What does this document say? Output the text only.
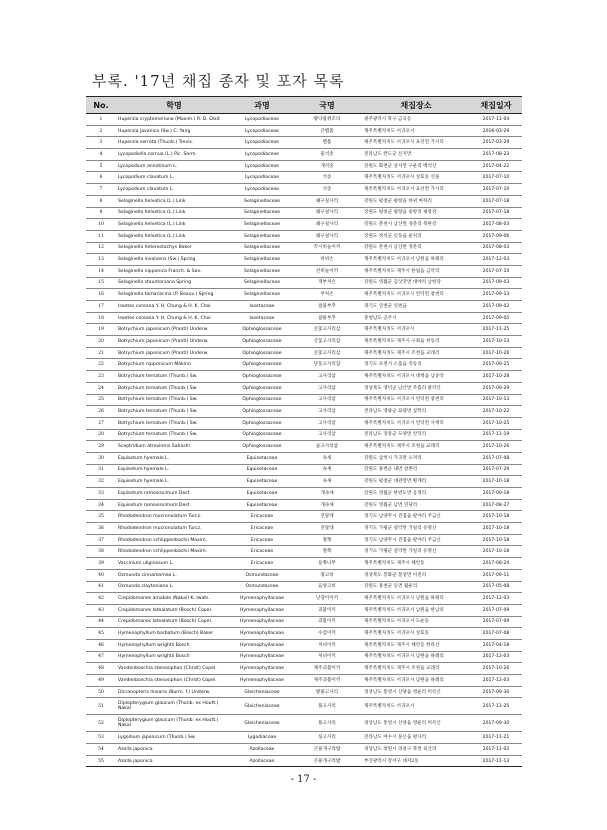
부록. '17년 채집 종자 및 포자 목록
No.	학명	과명	국명	채집장소	채집일자
1	Huperzia cryptomeriana (Maxim.) R. D. Dixit	Lycopodiaceae	왕다람쥐꼬리	광주광역시 북구 금곡동	2017-11-04
2	Huperzia javanica (Sw.) C. Yang	Lycopodiaceae	큰뱀톱	제주특별자치도 서귀포시	2016-03-29
3	Huperzia serrata (Thunb.) Trevis.	Lycopodiaceae	뱀톱	제주특별자치도 서귀포시 표선면 가시리	2017-03-29
4	Lycopodiella cernua (L.) Pic. Serm.	Lycopodiaceae	물석송	전라남도 완도군 신지면	2017-08-23
5	Lycopodium annotinum L.	Lycopodiaceae	개석송	강원도 화천군 상서면 구운리 백석산	2017-04-22
6	Lycopodium clavatum L.	Lycopodiaceae	석송	제주특별자치도 서귀포시 상효동 선돌	2017-07-10
7	Lycopodium clavatum L.	Lycopodiaceae	석송	제주특별자치도 서귀포시 표선면 가시리	2017-07-10
8	Selaginella helvetica (L.) Link	Selaginellaceae	왜구실사리	강원도 평창군 평창읍 바위 마하리	2017-07-18
9	Selaginella helvetica (L.) Link	Selaginellaceae	왜구실사리	강원도 평창군 평창읍 용항리 평창강	2017-07-18
10	Selaginella helvetica (L.) Link	Selaginellaceae	왜구실사리	강원도 춘천시 남산면 경춘리 북한강	2017-08-03
11	Selaginella helvetica (L.) Link	Selaginellaceae	왜구실사리	강원도 정선군 신동읍 운치리	2017-09-06
12	Selaginella heterostachys Baker	Selaginellaceae	각시비늘이끼	강원도 춘천시 남산면 경춘리	2017-08-03
13	Selaginella involvens (Sw.) Spring	Selaginellaceae	바위손	제주특별자치도 서귀포시 남원읍 하례리	2017-12-03
14	Selaginella nipponica Franch. & Sav.	Selaginellaceae	선비늘이끼	제주특별자치도 제주시 한림읍 금악리	2017-07-10
15	Selaginella stauntoniana Spring	Selaginellaceae	개부처손	강원도 영월군 김삿갓면 대야리 남한강	2017-09-03
16	Selaginella tamariscina (P. Beauv.) Spring	Selaginellaceae	부처손	제주특별자치도 서귀포시 안덕면 창천리	2017-09-13
17	Isoetes coreana Y. H. Chung & H. K. Choi	Isoetaceae	참물부추	경기도 연천군 연천읍	2017-09-02
18	Isoetes coreana Y. H. Chung & H. K. Choi	Isoetaceae	참물부추	충청남도 공주시	2017-09-05
19	Botrychium japonicum (Prantl) Underw.	Ophioglossaceae	산꽃고사리삼	제주특별자치도 서귀포시	2017-11-25
20	Botrychium japonicum (Prantl) Underw.	Ophioglossaceae	산꽃고사리삼	제주특별자치도 제주시 구좌읍 한동리	2017-10-13
21	Botrychium japonicum (Prantl) Underw.	Ophioglossaceae	산꽃고사리삼	제주특별자치도 제주시 조천읍 교래리	2017-10-26
22	Botrychium nipponicum Makino	Ophioglossaceae	단풍고사리삼	경기도 포천시 소흘읍 직동리	2017-09-25
23	Botrychium ternatum (Thunb.) Sw.	Ophioglossaceae	고사리삼	제주특별자치도 서귀포시 대정읍 남송악	2017-10-28
24	Botrychium ternatum (Thunb.) Sw.	Ophioglossaceae	고사리삼	경상북도 영덕군 남산면 주홀리 팔각산	2017-09-29
25	Botrychium ternatum (Thunb.) Sw.	Ophioglossaceae	고사리삼	제주특별자치도 서귀포시 안덕면 창천리	2017-10-13
26	Botrychium ternatum (Thunb.) Sw.	Ophioglossaceae	고사리삼	전라남도 영광군 묘량면 삼학리	2017-10-22
27	Botrychium ternatum (Thunb.) Sw.	Ophioglossaceae	고사리삼	제주특별자치도 서귀포시 안덕면 사계리	2017-10-25
28	Botrychium ternatum (Thunb.) Sw.	Ophioglossaceae	고사리삼	전라남도 장흥군 도양면 안덕리	2017-11-19
29	Sceptridium atrovirens Sahashi	Ophioglossaceae	숲고사리삼	제주특별자치도 제주시 조천읍 교래리	2017-10-26
30	Equisetum hyemale L.	Equisetaceae	속새	강원도 삼척시 가곡면 오저리	2017-07-08
31	Equisetum hyemale L.	Equisetaceae	속새	강원도 홍천군 내면 창촌리	2017-07-29
32	Equisetum hyemale L.	Equisetaceae	속새	강원도 평창군 대관령면 횡계리	2017-10-18
33	Equisetum ramosissimum Desf.	Equisetaceae	개속새	강원도 영월군 한반도면 옹정리	2017-09-18
34	Equisetum ramosissimum Desf.	Equisetaceae	개속새	강원도 영월군 남면 연당리	2017-08-27
35	Rhododendron mucronulatum Turcz.	Ericaceae	진달래	경기도 남양주시 진접읍 팔야리 주금산	2017-10-18
36	Rhododendron mucronulatum Turcz.	Ericaceae	진달래	경기도 가평군 설악면 가일리 유명산	2017-10-18
37	Rhododendron schlippenbachii Maxim.	Ericaceae	철쭉	경기도 남양주시 진접읍 팔야리 주금산	2017-10-18
38	Rhododendron schlippenbachii Maxim.	Ericaceae	철쭉	경기도 가평군 설악면 가일리 유명산	2017-10-18
39	Vaccinium uliginosum L.	Ericaceae	들쭉나무	제주특별자치도 제주시 해안동	2017-08-24
40	Osmunda cinnamomea L.	Osmundaceae	꿩고비	경상북도 봉화군 봉성면 이전리	2017-09-11
41	Osmunda claytoniana L.	Osmundaceae	음양고비	강원도 홍천군 동면 월운리	2017-05-08
42	Crepidomanes amabile (Nakai) K. Iwats.	Hymenophyllaceae	난장이이끼	제주특별자치도 서귀포시 남원읍 하례리	2017-12-03
43	Crepidomanes latealatum (Bosch) Copel.	Hymenophyllaceae	괴불이끼	제주특별자치도 서귀포시 남원읍 한남리	2017-07-09
44	Crepidomanes latealatum (Bosch) Copel.	Hymenophyllaceae	괴불이끼	제주특별자치도 서귀포시 도순동	2017-07-09
45	Hymenophyllum barbatum (Bosch) Baker	Hymenophyllaceae	수염이끼	제주특별자치도 서귀포시 상효동	2017-07-08
46	Hymenophyllum wrightii Bosch	Hymenophyllaceae	처녀이끼	제주특별자치도 제주시 해안동 한라산	2017-04-18
47	Hymenophyllum wrightii Bosch	Hymenophyllaceae	처녀이끼	제주특별자치도 서귀포시 남원읍 하례리	2017-12-03
48	Vandenboschia stenosiphon (Christ) Copel.	Hymenophyllaceae	제주괴불이끼	제주특별자치도 제주시 조천읍 교래리	2017-10-26
49	Vandenboschia stenosiphon (Christ) Copel.	Hymenophyllaceae	제주괴불이끼	제주특별자치도 서귀포시 남원읍 하례리	2017-12-03
50	Dicranopteris linearis (Burm. f.) Underw.	Gleicheniaceae	발풀고사리	경상남도 통영시 산양읍 영운리 미륵산	2017-09-30
51	Diplopterygium glaucum (Thunb. ex Houtt.) Nakai	Gleicheniaceae	풀고사리	제주특별자치도 서귀포시	2017-11-25
52	Diplopterygium glaucum (Thunb. ex Houtt.) Nakai	Gleicheniaceae	풀고사리	경상남도 통영시 산양읍 영운리 미륵산	2017-09-30
53	Lygodium japonicum (Thunb.) Sw.	Lygodiaceae	실고사리	전라남도 여수시 돌산읍 평사리	2017-11-21
54	Azolla japonica	Azollaceae	큰물개구리밥	경상남도 창원시 의창구 북면 외산리	2017-11-02
55	Azolla japonica	Azollaceae	큰물개구리밥	부산광역시 강서구 대저2동	2017-11-13
- 17 -
